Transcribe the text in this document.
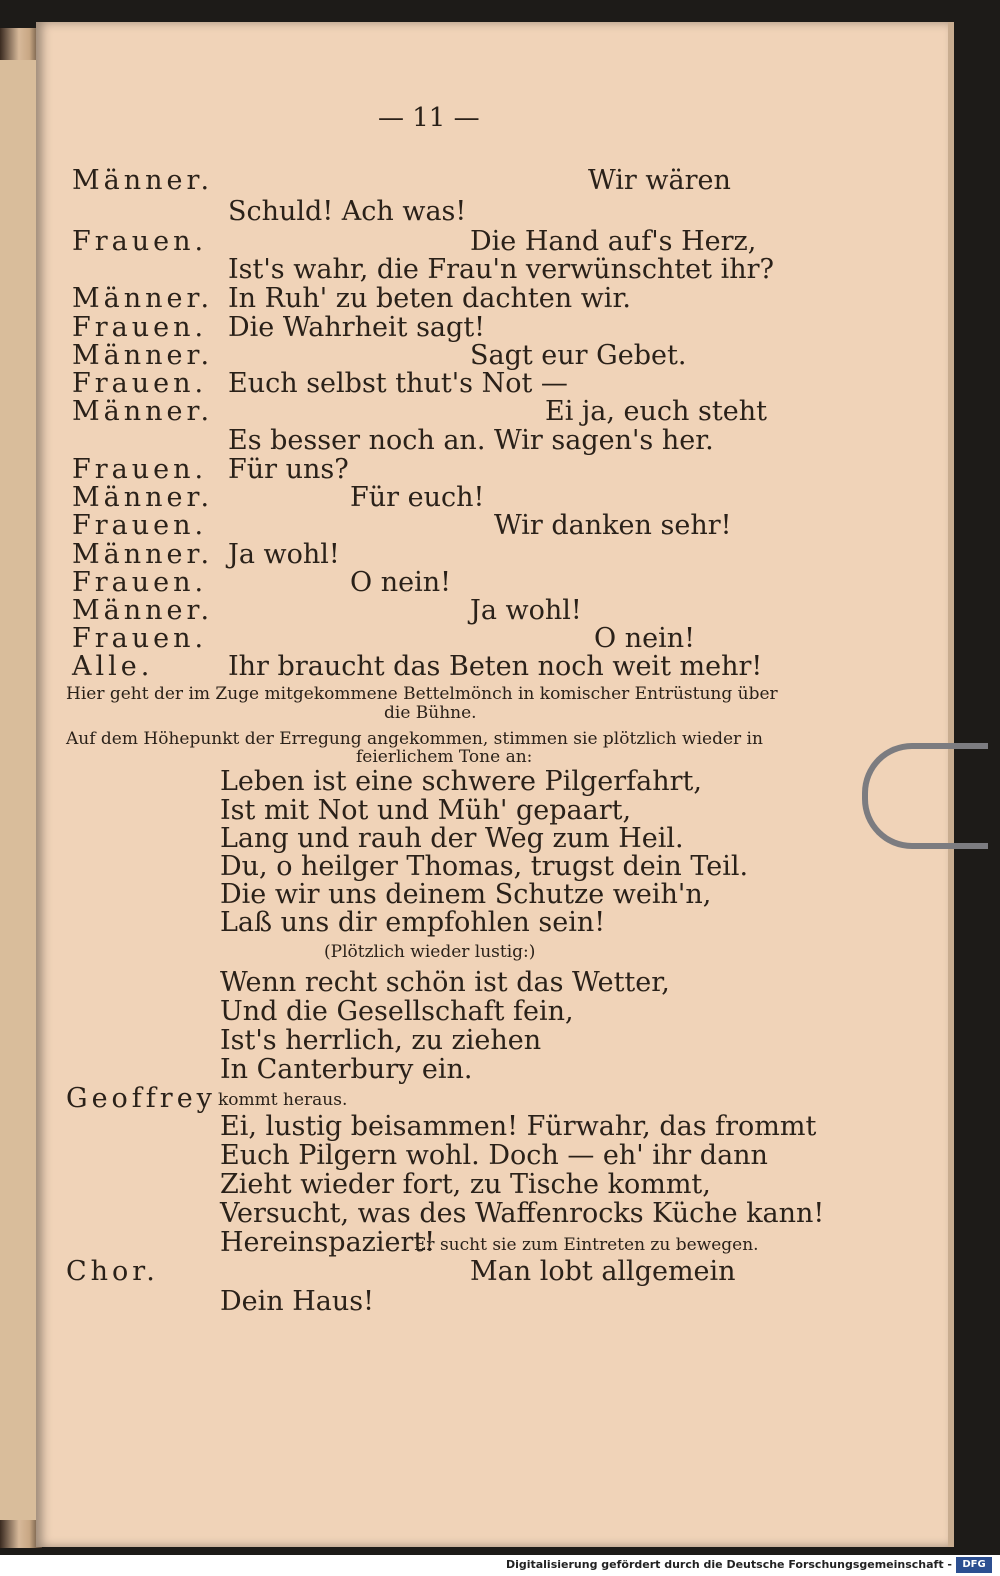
— 11 —
Männer.	Wir wären
Schuld! Ach was!
Frauen.	Die Hand auf's Herz,
Ist's wahr, die Frau'n verwünschtet ihr?
Männer. In Ruh' zu beten dachten wir.
Frauen. Die Wahrheit sagt!
Männer.	Sagt eur Gebet.
Frauen. Euch selbst thut's Not —
Männer.	Ei ja, euch steht
Es besser noch an. Wir sagen's her.
Frauen. Für uns?
Männer.	Für euch!
Frauen.	Wir danken sehr!
Männer. Ja wohl!
Frauen.	O nein!
Männer.	Ja wohl!
Frauen.	O nein!
Alle.	Ihr braucht das Beten noch weit mehr!
Hier geht der im Zuge mitgekommene Bettelmönch in komischer Entrüstung über
die Bühne.
Auf dem Höhepunkt der Erregung angekommen, stimmen sie plötzlich wieder in
feierlichem Tone an:
Leben ist eine schwere Pilgerfahrt,
Ist mit Not und Müh' gepaart,
Lang und rauh der Weg zum Heil.
Du, o heilger Thomas, trugst dein Teil.
Die wir uns deinem Schutze weih'n,
Laß uns dir empfohlen sein!
(Plötzlich wieder lustig:)
Wenn recht schön ist das Wetter,
Und die Gesellschaft fein,
Ist's herrlich, zu ziehen
In Canterbury ein.
Geoffrey kommt heraus.
Ei, lustig beisammen! Fürwahr, das frommt
Euch Pilgern wohl. Doch — eh' ihr dann
Zieht wieder fort, zu Tische kommt,
Versucht, was des Waffenrocks Küche kann!
Hereinspaziert!
Er sucht sie zum Eintreten zu bewegen.
Chor.	Man lobt allgemein
Dein Haus!
Digitalisierung gefördert durch die Deutsche Forschungsgemeinschaft -	DFG
